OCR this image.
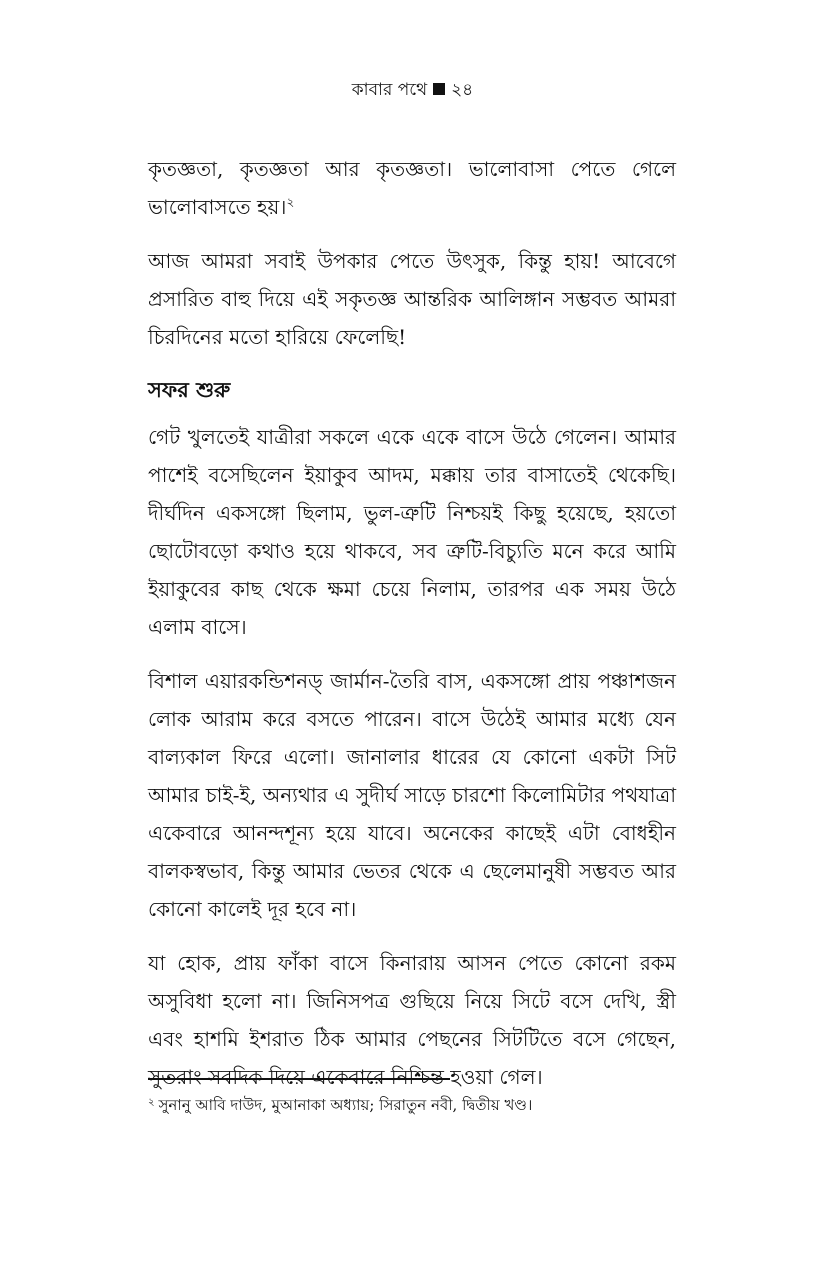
কাবার পথে ২৪

কৃতজ্ঞতা, কৃতজ্ঞতা আর কৃতজ্ঞতা। ভালোবাসা পেতে গেলে ভালোবাসতে হয়।$^২$

আজ আমরা সবাই উপকার পেতে উৎসুক, কিন্তু হায়! আবেগে প্রসারিত বাহু দিয়ে এই সকৃতজ্ঞ আন্তরিক আলিঙ্গান সম্ভবত আমরা চিরদিনের মতো হারিয়ে ফেলেছি!

সফর শুরু

গেট খুলতেই যাত্রীরা সকলে একে একে বাসে উঠে গেলেন। আমার পাশেই বসেছিলেন ইয়াকুব আদম, মক্কায় তার বাসাতেই থেকেছি। দীর্ঘদিন একসঙ্গো ছিলাম, ভুল-ত্রুটি নিশ্চয়ই কিছু হয়েছে, হয়তো ছোটোবড়ো কথাও হয়ে থাকবে, সব ত্রুটি-বিচ্যুতি মনে করে আমি ইয়াকুবের কাছ থেকে ক্ষমা চেয়ে নিলাম, তারপর এক সময় উঠে এলাম বাসে।

বিশাল এয়ারকন্ডিশনড্ জার্মান-তৈরি বাস, একসঙ্গো প্রায় পঞ্চাশজন লোক আরাম করে বসতে পারেন। বাসে উঠেই আমার মধ্যে যেন বাল্যকাল ফিরে এলো। জানালার ধারের যে কোনো একটা সিট আমার চাই-ই, অন্যথার এ সুদীর্ঘ সাড়ে চারশো কিলোমিটার পথযাত্রা একেবারে আনন্দশূন্য হয়ে যাবে। অনেকের কাছেই এটা বোধহীন বালকস্বভাব, কিন্তু আমার ভেতর থেকে এ ছেলেমানুষী সম্ভবত আর কোনো কালেই দূর হবে না।

যা হোক, প্রায় ফাঁকা বাসে কিনারায় আসন পেতে কোনো রকম অসুবিধা হলো না। জিনিসপত্র গুছিয়ে নিয়ে সিটে বসে দেখি, স্ত্রী এবং হাশমি ইশরাত ঠিক আমার পেছনের সিটটিতে বসে গেছেন, সুতরাং সবদিক দিয়ে একেবারে নিশ্চিন্ত হওয়া গেল।

$^২$ সুনানু আবি দাউদ, মুআনাকা অধ্যায়; সিরাতুন নবী, দ্বিতীয় খণ্ড।
